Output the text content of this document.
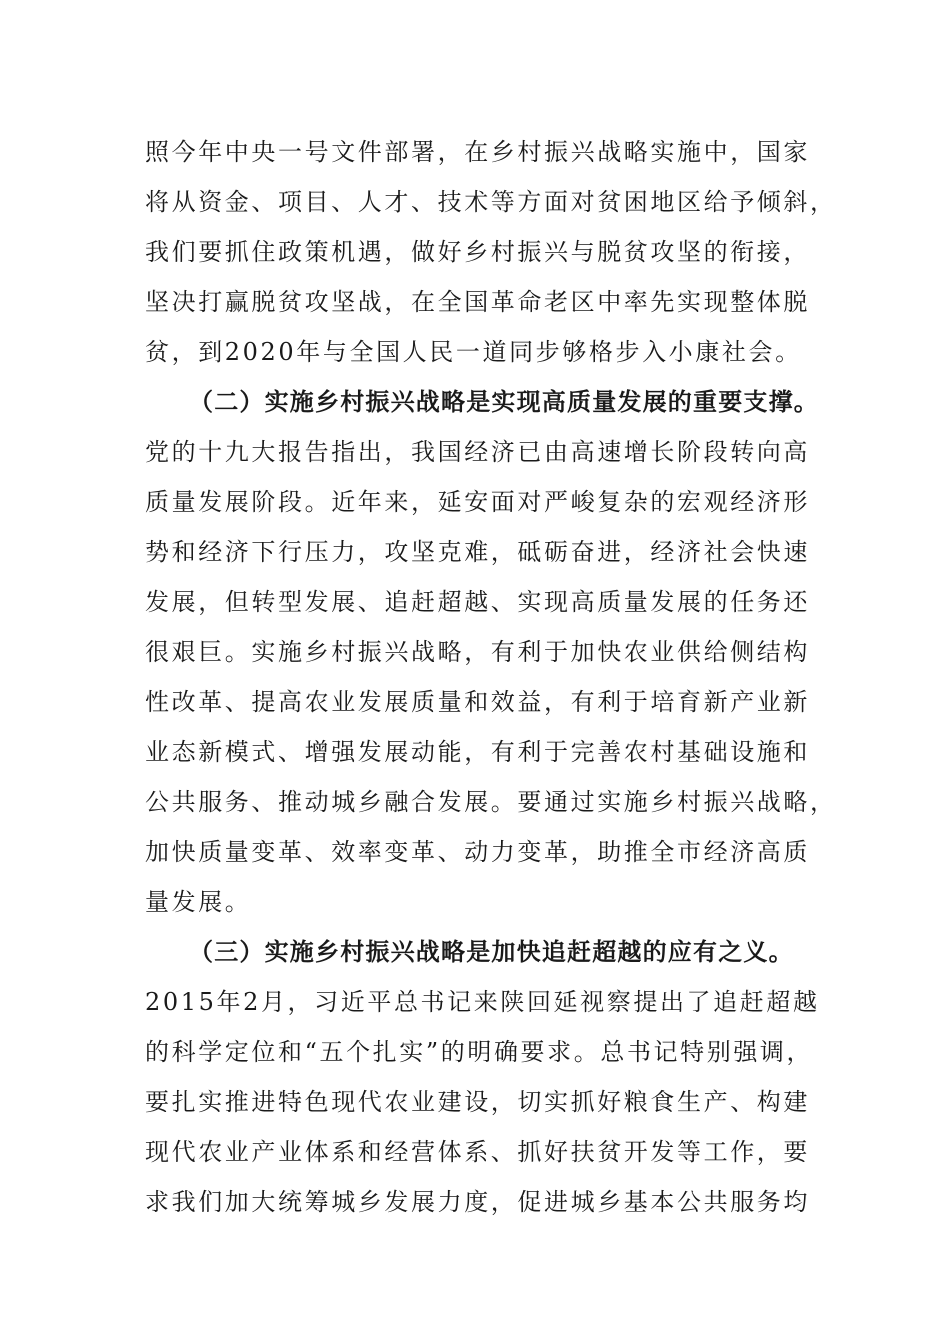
照今年中央一号文件部署，在乡村振兴战略实施中，国家
将从资金、项目、人才、技术等方面对贫困地区给予倾斜，
我们要抓住政策机遇，做好乡村振兴与脱贫攻坚的衔接，
坚决打赢脱贫攻坚战，在全国革命老区中率先实现整体脱
贫，到2020年与全国人民一道同步够格步入小康社会。
（二）实施乡村振兴战略是实现高质量发展的重要支撑。
党的十九大报告指出，我国经济已由高速增长阶段转向高
质量发展阶段。近年来，延安面对严峻复杂的宏观经济形
势和经济下行压力，攻坚克难，砥砺奋进，经济社会快速
发展，但转型发展、追赶超越、实现高质量发展的任务还
很艰巨。实施乡村振兴战略，有利于加快农业供给侧结构
性改革、提高农业发展质量和效益，有利于培育新产业新
业态新模式、增强发展动能，有利于完善农村基础设施和
公共服务、推动城乡融合发展。要通过实施乡村振兴战略，
加快质量变革、效率变革、动力变革，助推全市经济高质
量发展。
（三）实施乡村振兴战略是加快追赶超越的应有之义。
2015年2月，习近平总书记来陕回延视察提出了追赶超越
的科学定位和“五个扎实”的明确要求。总书记特别强调，
要扎实推进特色现代农业建设，切实抓好粮食生产、构建
现代农业产业体系和经营体系、抓好扶贫开发等工作，要
求我们加大统筹城乡发展力度，促进城乡基本公共服务均
